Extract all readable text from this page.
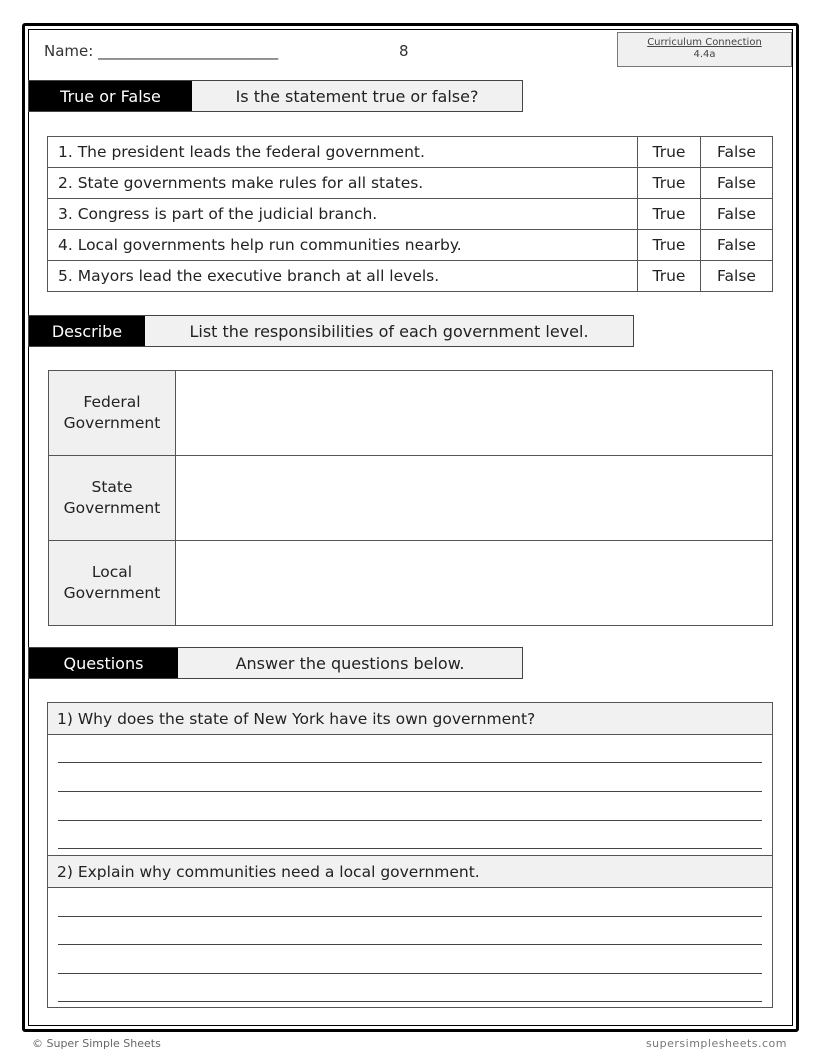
Name: ________________________	8	Curriculum Connection
4.4a
True or False	Is the statement true or false?
1. The president leads the federal government.	True	False
2. State governments make rules for all states.	True	False
3. Congress is part of the judicial branch.	True	False
4. Local governments help run communities nearby.	True	False
5. Mayors lead the executive branch at all levels.	True	False
Describe	List the responsibilities of each government level.
Federal
Government	

State
Government	

Local
Government	

Questions	Answer the questions below.
1) Why does the state of New York have its own government?
2) Explain why communities need a local government.
© Super Simple Sheets	supersimplesheets.com
